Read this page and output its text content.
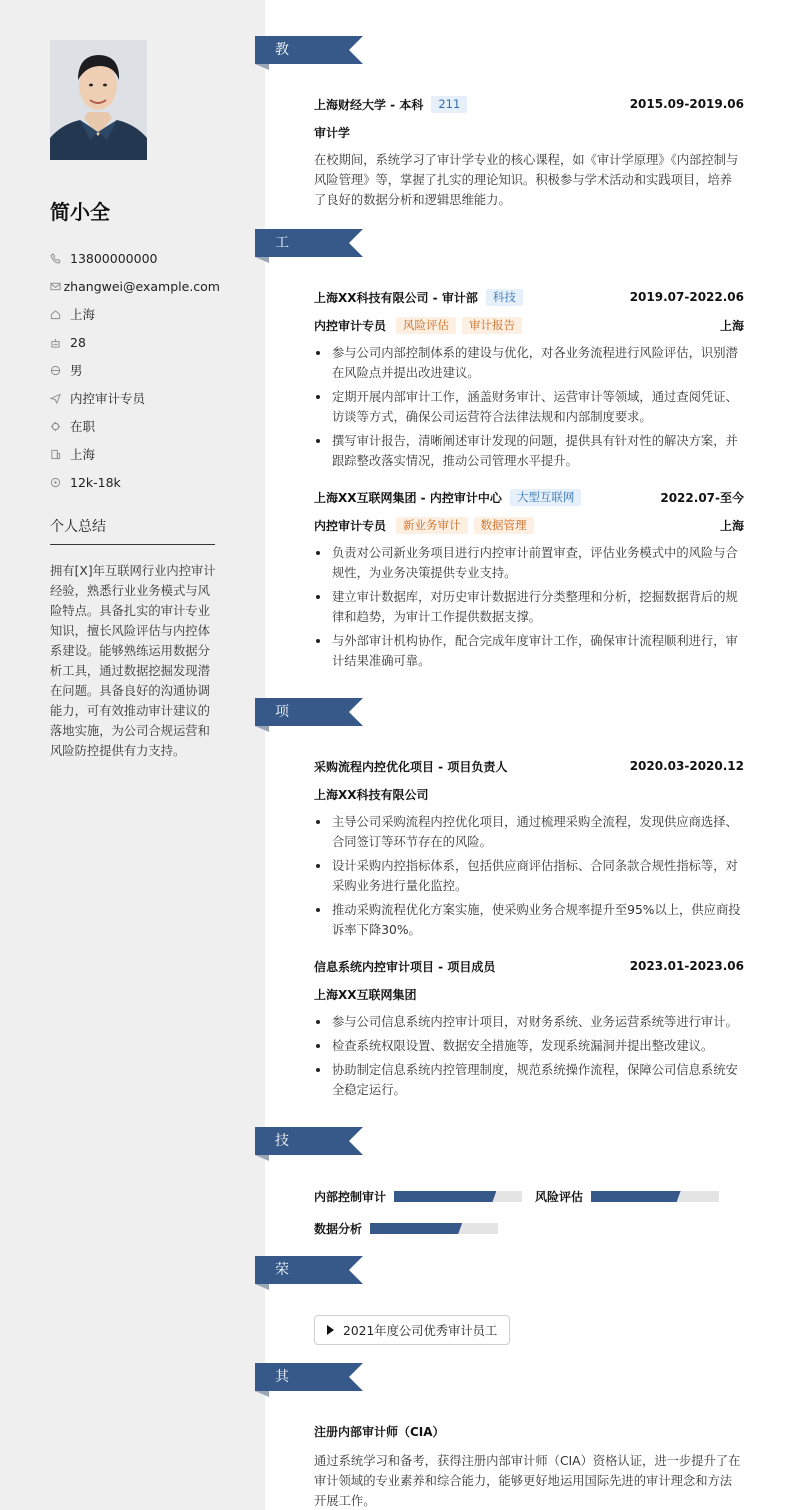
简小全
13800000000
zhangwei@example.com
上海
28
男
内控审计专员
在职
上海
12k-18k
个人总结
拥有[X]年互联网行业内控审计经验，熟悉行业业务模式与风险特点。具备扎实的审计专业知识，擅长风险评估与内控体系建设。能够熟练运用数据分析工具，通过数据挖掘发现潜在问题。具备良好的沟通协调能力，可有效推动审计建议的落地实施，为公司合规运营和风险防控提供有力支持。
教育经历
工作经历
项目经历
技能专长
荣誉奖项
其他信息
上海财经大学 - 本科	211	2015.09-2019.06
审计学
在校期间，系统学习了审计学专业的核心课程，如《审计学原理》《内部控制与风险管理》等，掌握了扎实的理论知识。积极参与学术活动和实践项目，培养了良好的数据分析和逻辑思维能力。
上海XX科技有限公司 - 审计部	科技	2019.07-2022.06
内控审计专员	风险评估	审计报告	上海
参与公司内部控制体系的建设与优化，对各业务流程进行风险评估，识别潜在风险点并提出改进建议。
定期开展内部审计工作，涵盖财务审计、运营审计等领域，通过查阅凭证、访谈等方式，确保公司运营符合法律法规和内部制度要求。
撰写审计报告，清晰阐述审计发现的问题，提供具有针对性的解决方案，并跟踪整改落实情况，推动公司管理水平提升。
上海XX互联网集团 - 内控审计中心	大型互联网	2022.07-至今
内控审计专员	新业务审计	数据管理	上海
负责对公司新业务项目进行内控审计前置审查，评估业务模式中的风险与合规性，为业务决策提供专业支持。
建立审计数据库，对历史审计数据进行分类整理和分析，挖掘数据背后的规律和趋势，为审计工作提供数据支撑。
与外部审计机构协作，配合完成年度审计工作，确保审计流程顺利进行，审计结果准确可靠。
采购流程内控优化项目 - 项目负责人	2020.03-2020.12
上海XX科技有限公司
主导公司采购流程内控优化项目，通过梳理采购全流程，发现供应商选择、合同签订等环节存在的风险。
设计采购内控指标体系，包括供应商评估指标、合同条款合规性指标等，对采购业务进行量化监控。
推动采购流程优化方案实施，使采购业务合规率提升至95%以上，供应商投诉率下降30%。
信息系统内控审计项目 - 项目成员	2023.01-2023.06
上海XX互联网集团
参与公司信息系统内控审计项目，对财务系统、业务运营系统等进行审计。
检查系统权限设置、数据安全措施等，发现系统漏洞并提出整改建议。
协助制定信息系统内控管理制度，规范系统操作流程，保障公司信息系统安全稳定运行。
内部控制审计	风险评估
数据分析
2021年度公司优秀审计员工
注册内部审计师（CIA）
通过系统学习和备考，获得注册内部审计师（CIA）资格认证，进一步提升了在审计领域的专业素养和综合能力，能够更好地运用国际先进的审计理念和方法开展工作。
